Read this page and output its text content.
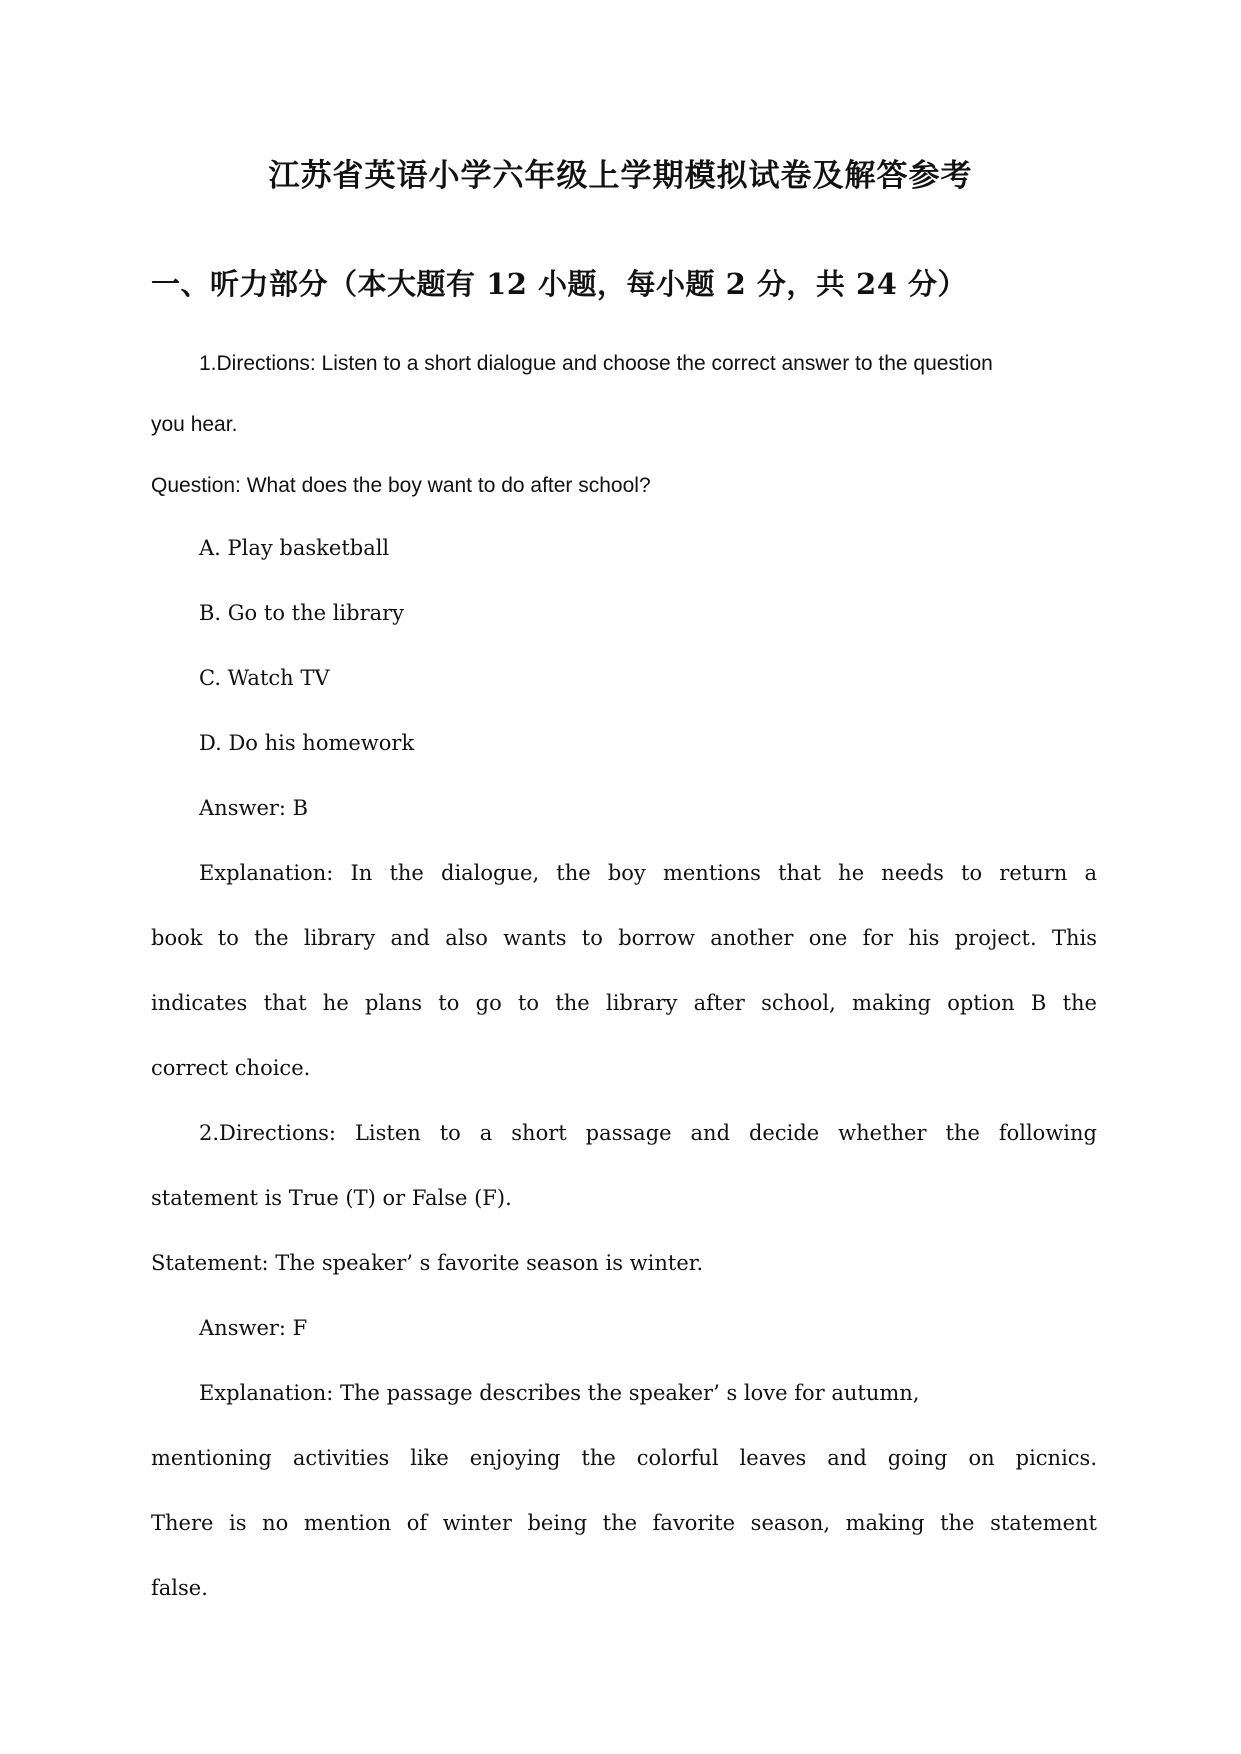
江苏省英语小学六年级上学期模拟试卷及解答参考
一、听力部分（本大题有 12 小题，每小题 2 分，共 24 分）
1.Directions: Listen to a short dialogue and choose the correct answer to the question
you hear.
Question: What does the boy want to do after school?
A. Play basketball
B. Go to the library
C. Watch TV
D. Do his homework
Answer: B
Explanation: In the dialogue, the boy mentions that he needs to return a
book to the library and also wants to borrow another one for his project. This
indicates that he plans to go to the library after school, making option B the
correct choice.
2.Directions: Listen to a short passage and decide whether the following
statement is True (T) or False (F).
Statement: The speaker’ s favorite season is winter.
Answer: F
Explanation: The passage describes the speaker’ s love for autumn,
mentioning activities like enjoying the colorful leaves and going on picnics.
There is no mention of winter being the favorite season, making the statement
false.
